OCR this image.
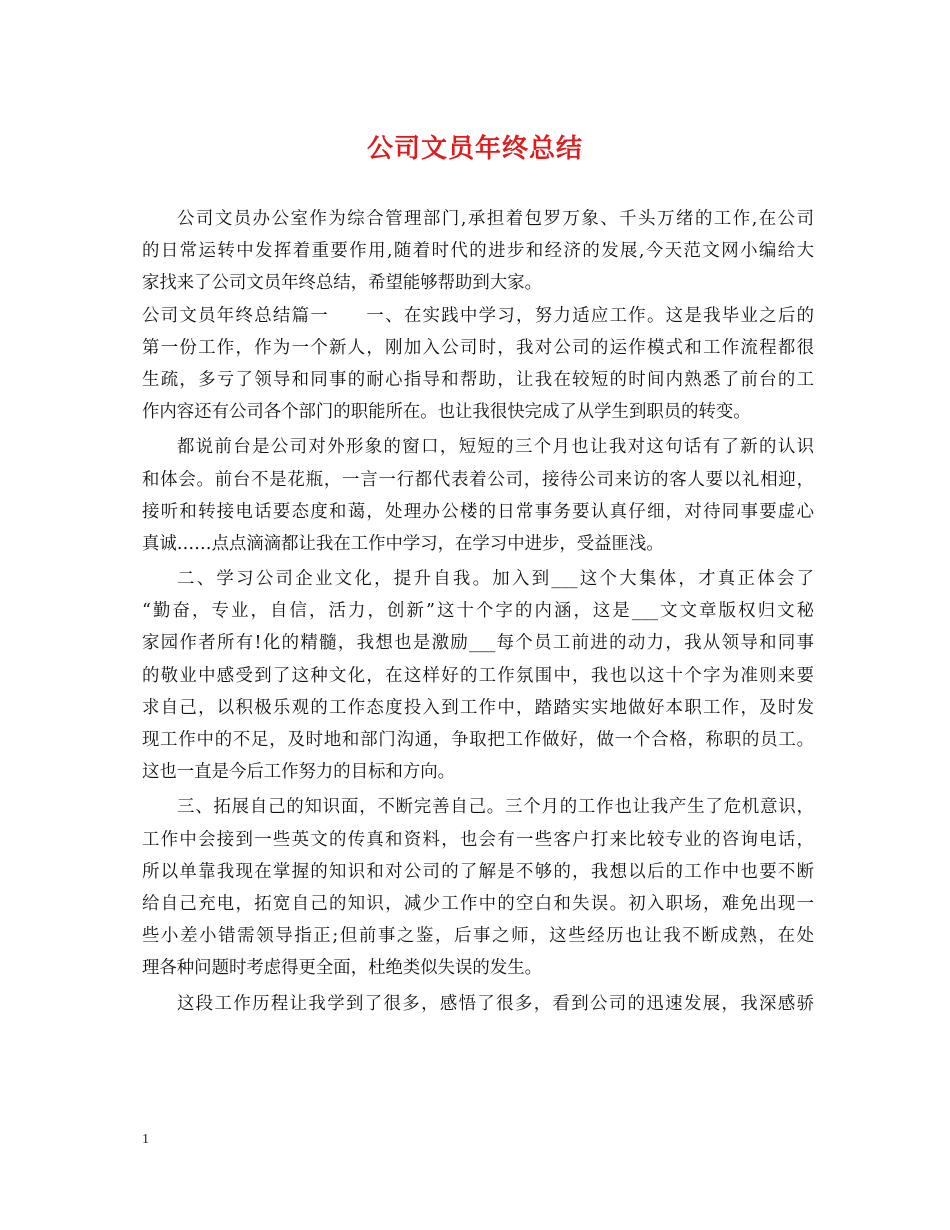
公司文员年终总结
公司文员办公室作为综合管理部门,承担着包罗万象、千头万绪的工作,在公司
的日常运转中发挥着重要作用,随着时代的进步和经济的发展,今天范文网小编给大
家找来了公司文员年终总结，希望能够帮助到大家。
公司文员年终总结篇一　　一、在实践中学习，努力适应工作。这是我毕业之后的
第一份工作，作为一个新人，刚加入公司时，我对公司的运作模式和工作流程都很
生疏，多亏了领导和同事的耐心指导和帮助，让我在较短的时间内熟悉了前台的工
作内容还有公司各个部门的职能所在。也让我很快完成了从学生到职员的转变。
都说前台是公司对外形象的窗口，短短的三个月也让我对这句话有了新的认识
和体会。前台不是花瓶，一言一行都代表着公司，接待公司来访的客人要以礼相迎，
接听和转接电话要态度和蔼，处理办公楼的日常事务要认真仔细，对待同事要虚心
真诚……点点滴滴都让我在工作中学习，在学习中进步，受益匪浅。
二、学习公司企业文化，提升自我。加入到___这个大集体，才真正体会了
“勤奋，专业，自信，活力，创新”这十个字的内涵，这是___文文章版权归文秘
家园作者所有!化的精髓，我想也是激励___每个员工前进的动力，我从领导和同事
的敬业中感受到了这种文化，在这样好的工作氛围中，我也以这十个字为准则来要
求自己，以积极乐观的工作态度投入到工作中，踏踏实实地做好本职工作，及时发
现工作中的不足，及时地和部门沟通，争取把工作做好，做一个合格，称职的员工。
这也一直是今后工作努力的目标和方向。
三、拓展自己的知识面，不断完善自己。三个月的工作也让我产生了危机意识，
工作中会接到一些英文的传真和资料，也会有一些客户打来比较专业的咨询电话，
所以单靠我现在掌握的知识和对公司的了解是不够的，我想以后的工作中也要不断
给自己充电，拓宽自己的知识，减少工作中的空白和失误。初入职场，难免出现一
些小差小错需领导指正;但前事之鉴，后事之师，这些经历也让我不断成熟，在处
理各种问题时考虑得更全面，杜绝类似失误的发生。
这段工作历程让我学到了很多，感悟了很多，看到公司的迅速发展，我深感骄
1
